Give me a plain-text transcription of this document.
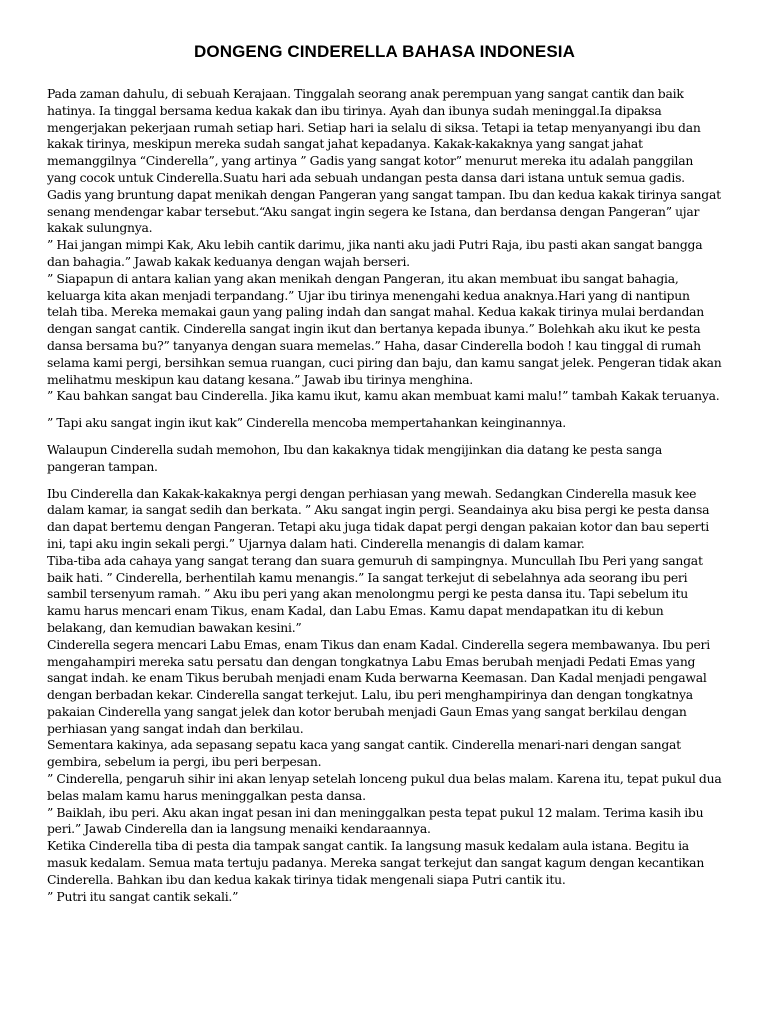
DONGENG CINDERELLA BAHASA INDONESIA

Pada zaman dahulu, di sebuah Kerajaan. Tinggalah seorang anak perempuan yang sangat cantik dan baik hatinya. Ia tinggal bersama kedua kakak dan ibu tirinya. Ayah dan ibunya sudah meninggal.Ia dipaksa mengerjakan pekerjaan rumah setiap hari. Setiap hari ia selalu di siksa. Tetapi ia tetap menyanyangi ibu dan kakak tirinya, meskipun mereka sudah sangat jahat kepadanya. Kakak-kakaknya yang sangat jahat memanggilnya “Cinderella”, yang artinya ” Gadis yang sangat kotor” menurut mereka itu adalah panggilan yang cocok untuk Cinderella.Suatu hari ada sebuah undangan pesta dansa dari istana untuk semua gadis. Gadis yang bruntung dapat menikah dengan Pangeran yang sangat tampan. Ibu dan kedua kakak tirinya sangat senang mendengar kabar tersebut.“Aku sangat ingin segera ke Istana, dan berdansa dengan Pangeran” ujar kakak sulungnya.

” Hai jangan mimpi Kak, Aku lebih cantik darimu, jika nanti aku jadi Putri Raja, ibu pasti akan sangat bangga dan bahagia.” Jawab kakak keduanya dengan wajah berseri.

” Siapapun di antara kalian yang akan menikah dengan Pangeran, itu akan membuat ibu sangat bahagia, keluarga kita akan menjadi terpandang.” Ujar ibu tirinya menengahi kedua anaknya.Hari yang di nantipun telah tiba. Mereka memakai gaun yang paling indah dan sangat mahal. Kedua kakak tirinya mulai berdandan dengan sangat cantik. Cinderella sangat ingin ikut dan bertanya kepada ibunya.” Bolehkah aku ikut ke pesta dansa bersama bu?” tanyanya dengan suara memelas.” Haha, dasar Cinderella bodoh ! kau tinggal di rumah selama kami pergi, bersihkan semua ruangan, cuci piring dan baju, dan kamu sangat jelek. Pengeran tidak akan melihatmu meskipun kau datang kesana.” Jawab ibu tirinya menghina.

” Kau bahkan sangat bau Cinderella. Jika kamu ikut, kamu akan membuat kami malu!” tambah Kakak teruanya.

” Tapi aku sangat ingin ikut kak” Cinderella mencoba mempertahankan keinginannya.

Walaupun Cinderella sudah memohon, Ibu dan kakaknya tidak mengijinkan dia datang ke pesta sanga pangeran tampan.

Ibu Cinderella dan Kakak-kakaknya pergi dengan perhiasan yang mewah. Sedangkan Cinderella masuk kee dalam kamar, ia sangat sedih dan berkata. ” Aku sangat ingin pergi. Seandainya aku bisa pergi ke pesta dansa dan dapat bertemu dengan Pangeran. Tetapi aku juga tidak dapat pergi dengan pakaian kotor dan bau seperti ini, tapi aku ingin sekali pergi.” Ujarnya dalam hati. Cinderella menangis di dalam kamar.

Tiba-tiba ada cahaya yang sangat terang dan suara gemuruh di sampingnya. Muncullah Ibu Peri yang sangat baik hati. ” Cinderella, berhentilah kamu menangis.” Ia sangat terkejut di sebelahnya ada seorang ibu peri sambil tersenyum ramah. ” Aku ibu peri yang akan menolongmu pergi ke pesta dansa itu. Tapi sebelum itu kamu harus mencari enam Tikus, enam Kadal, dan Labu Emas. Kamu dapat mendapatkan itu di kebun belakang, dan kemudian bawakan kesini.”

Cinderella segera mencari Labu Emas, enam Tikus dan enam Kadal. Cinderella segera membawanya. Ibu peri mengahampiri mereka satu persatu dan dengan tongkatnya Labu Emas berubah menjadi Pedati Emas yang sangat indah. ke enam Tikus berubah menjadi enam Kuda berwarna Keemasan. Dan Kadal menjadi pengawal dengan berbadan kekar. Cinderella sangat terkejut. Lalu, ibu peri menghampirinya dan dengan tongkatnya pakaian Cinderella yang sangat jelek dan kotor berubah menjadi Gaun Emas yang sangat berkilau dengan perhiasan yang sangat indah dan berkilau.

Sementara kakinya, ada sepasang sepatu kaca yang sangat cantik. Cinderella menari-nari dengan sangat gembira, sebelum ia pergi, ibu peri berpesan.

” Cinderella, pengaruh sihir ini akan lenyap setelah lonceng pukul dua belas malam. Karena itu, tepat pukul dua belas malam kamu harus meninggalkan pesta dansa.

” Baiklah, ibu peri. Aku akan ingat pesan ini dan meninggalkan pesta tepat pukul 12 malam. Terima kasih ibu peri.” Jawab Cinderella dan ia langsung menaiki kendaraannya.

Ketika Cinderella tiba di pesta dia tampak sangat cantik. Ia langsung masuk kedalam aula istana. Begitu ia masuk kedalam. Semua mata tertuju padanya. Mereka sangat terkejut dan sangat kagum dengan kecantikan Cinderella. Bahkan ibu dan kedua kakak tirinya tidak mengenali siapa Putri cantik itu.

” Putri itu sangat cantik sekali.”
